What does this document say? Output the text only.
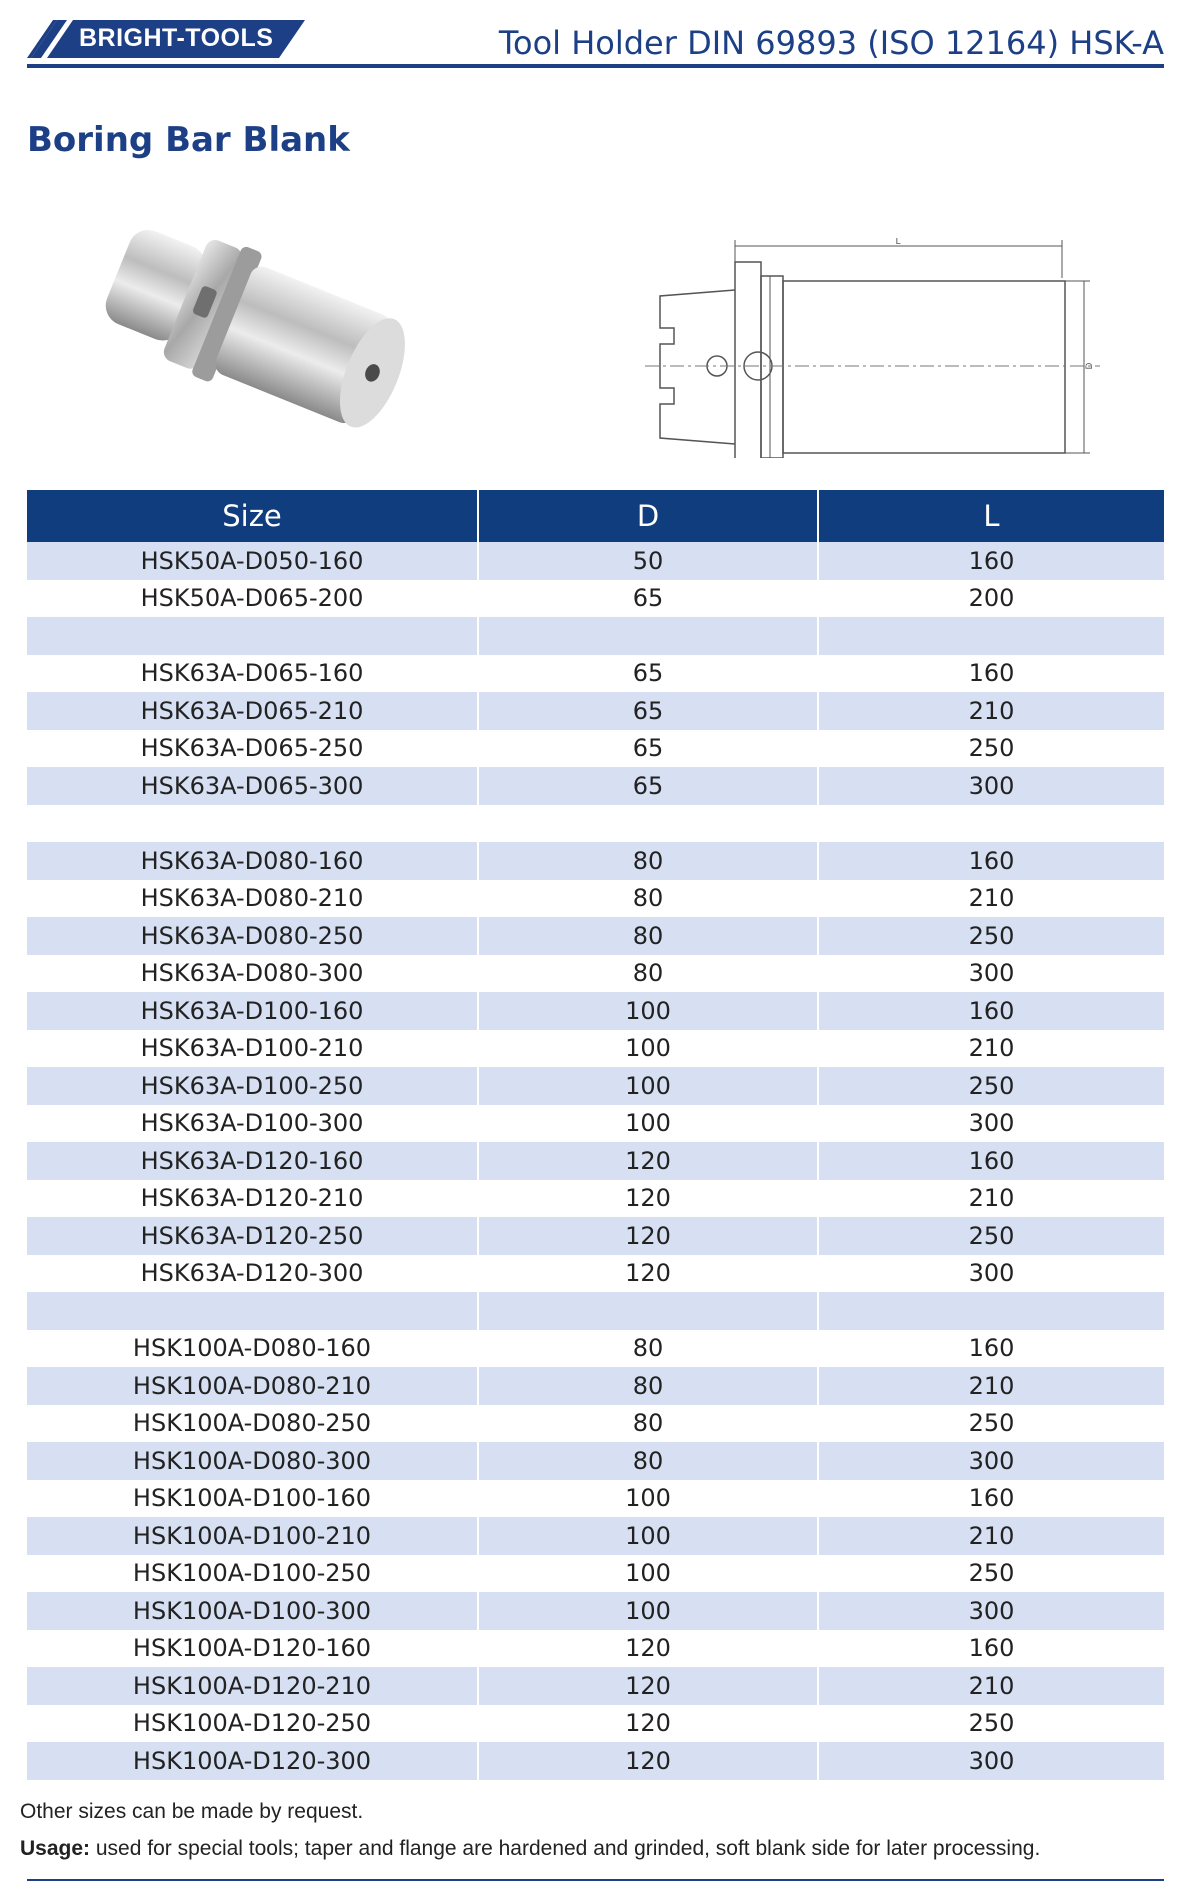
BRIGHT-TOOLS	Tool Holder DIN 69893 (ISO 12164) HSK-A
Boring Bar Blank
L
D
Size	D	L
HSK50A-D050-160	50	160
HSK50A-D065-200	65	200

HSK63A-D065-160	65	160
HSK63A-D065-210	65	210
HSK63A-D065-250	65	250
HSK63A-D065-300	65	300

HSK63A-D080-160	80	160
HSK63A-D080-210	80	210
HSK63A-D080-250	80	250
HSK63A-D080-300	80	300
HSK63A-D100-160	100	160
HSK63A-D100-210	100	210
HSK63A-D100-250	100	250
HSK63A-D100-300	100	300
HSK63A-D120-160	120	160
HSK63A-D120-210	120	210
HSK63A-D120-250	120	250
HSK63A-D120-300	120	300

HSK100A-D080-160	80	160
HSK100A-D080-210	80	210
HSK100A-D080-250	80	250
HSK100A-D080-300	80	300
HSK100A-D100-160	100	160
HSK100A-D100-210	100	210
HSK100A-D100-250	100	250
HSK100A-D100-300	100	300
HSK100A-D120-160	120	160
HSK100A-D120-210	120	210
HSK100A-D120-250	120	250
HSK100A-D120-300	120	300
Other sizes can be made by request.
Usage: used for special tools; taper and flange are hardened and grinded, soft blank side for later processing.
